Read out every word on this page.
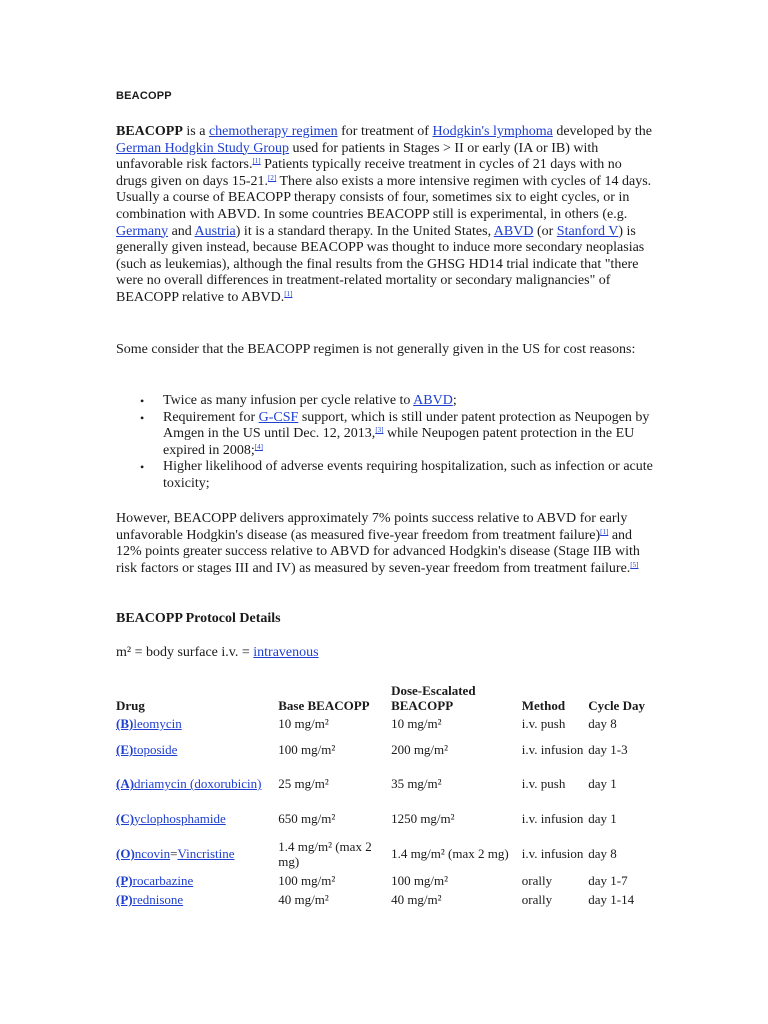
BEACOPP

BEACOPP is a chemotherapy regimen for treatment of Hodgkin's lymphoma developed by the German Hodgkin Study Group used for patients in Stages > II or early (IA or IB) with unfavorable risk factors.[1] Patients typically receive treatment in cycles of 21 days with no drugs given on days 15-21.[2] There also exists a more intensive regimen with cycles of 14 days. Usually a course of BEACOPP therapy consists of four, sometimes six to eight cycles, or in combination with ABVD. In some countries BEACOPP still is experimental, in others (e.g. Germany and Austria) it is a standard therapy. In the United States, ABVD (or Stanford V) is generally given instead, because BEACOPP was thought to induce more secondary neoplasias (such as leukemias), although the final results from the GHSG HD14 trial indicate that "there were no overall differences in treatment-related mortality or secondary malignancies" of BEACOPP relative to ABVD.[1]

Some consider that the BEACOPP regimen is not generally given in the US for cost reasons:

• Twice as many infusion per cycle relative to ABVD;
• Requirement for G-CSF support, which is still under patent protection as Neupogen by Amgen in the US until Dec. 12, 2013,[3] while Neupogen patent protection in the EU expired in 2008;[4]
• Higher likelihood of adverse events requiring hospitalization, such as infection or acute toxicity;

However, BEACOPP delivers approximately 7% points success relative to ABVD for early unfavorable Hodgkin's disease (as measured five-year freedom from treatment failure)[1] and 12% points greater success relative to ABVD for advanced Hodgkin's disease (Stage IIB with risk factors or stages III and IV) as measured by seven-year freedom from treatment failure.[5]

BEACOPP Protocol Details
m² = body surface i.v. = intravenous
Drug	Base BEACOPP	Dose-Escalated BEACOPP	Method	Cycle Day
(B)leomycin	10 mg/m²	10 mg/m²	i.v. push	day 8
(E)toposide	100 mg/m²	200 mg/m²	i.v. infusion	day 1-3
(A)driamycin (doxorubicin)	25 mg/m²	35 mg/m²	i.v. push	day 1
(C)yclophosphamide	650 mg/m²	1250 mg/m²	i.v. infusion	day 1
(O)ncovin=Vincristine	1.4 mg/m² (max 2 mg)	1.4 mg/m² (max 2 mg)	i.v. infusion	day 8
(P)rocarbazine	100 mg/m²	100 mg/m²	orally	day 1-7
(P)rednisone	40 mg/m²	40 mg/m²	orally	day 1-14
